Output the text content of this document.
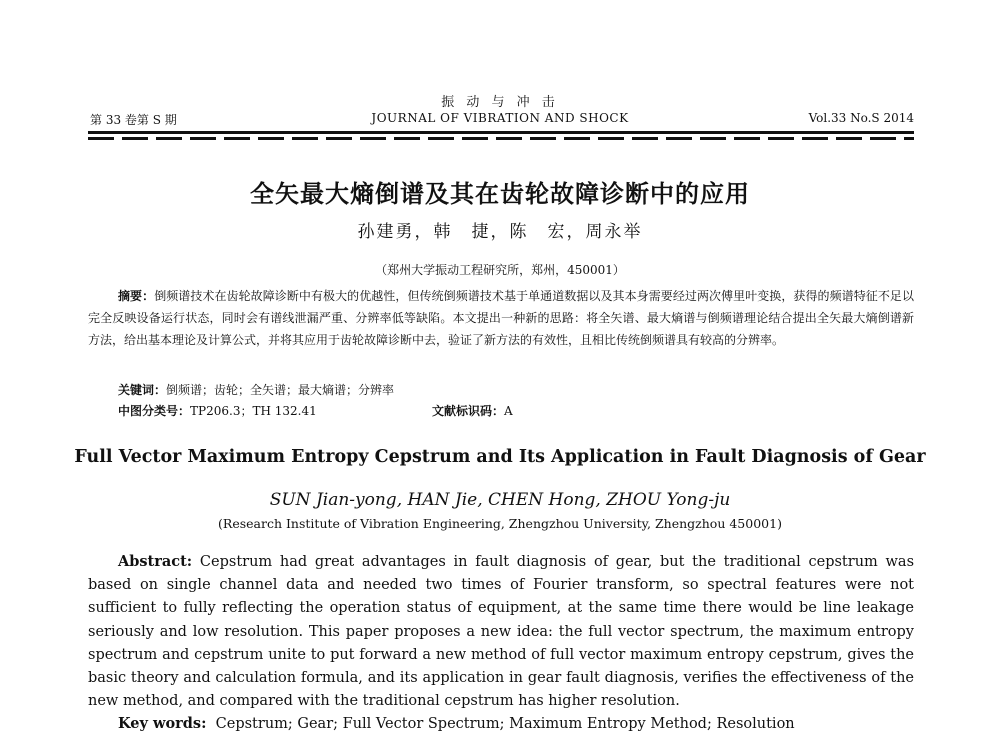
振 动 与 冲 击
第 33 卷第 S 期	JOURNAL OF VIBRATION AND SHOCK	Vol.33 No.S 2014
全矢最大熵倒谱及其在齿轮故障诊断中的应用
孙建勇，韩　捷，陈　宏，周永举
（郑州大学振动工程研究所，郑州，450001）
摘要：倒频谱技术在齿轮故障诊断中有极大的优越性，但传统倒频谱技术基于单通道数据以及其本身需要经过两次傅里叶变换，获得的频谱特征不足以完全反映设备运行状态，同时会有谱线泄漏严重、分辨率低等缺陷。本文提出一种新的思路：将全矢谱、最大熵谱与倒频谱理论结合提出全矢最大熵倒谱新方法，给出基本理论及计算公式，并将其应用于齿轮故障诊断中去，验证了新方法的有效性，且相比传统倒频谱具有较高的分辨率。
关键词：倒频谱；齿轮；全矢谱；最大熵谱；分辨率
中图分类号：TP206.3；TH 132.41	文献标识码：A
Full Vector Maximum Entropy Cepstrum and Its Application in Fault Diagnosis of Gear
SUN Jian-yong, HAN Jie, CHEN Hong, ZHOU Yong-ju
(Research Institute of Vibration Engineering, Zhengzhou University, Zhengzhou 450001)
Abstract: Cepstrum had great advantages in fault diagnosis of gear, but the traditional cepstrum was based on single channel data and needed two times of Fourier transform, so spectral features were not sufficient to fully reflecting the operation status of equipment, at the same time there would be line leakage seriously and low resolution. This paper proposes a new idea: the full vector spectrum, the maximum entropy spectrum and cepstrum unite to put forward a new method of full vector maximum entropy cepstrum, gives the basic theory and calculation formula, and its application in gear fault diagnosis, verifies the effectiveness of the new method, and compared with the traditional cepstrum has higher resolution.
Key words: Cepstrum; Gear; Full Vector Spectrum; Maximum Entropy Method; Resolution
